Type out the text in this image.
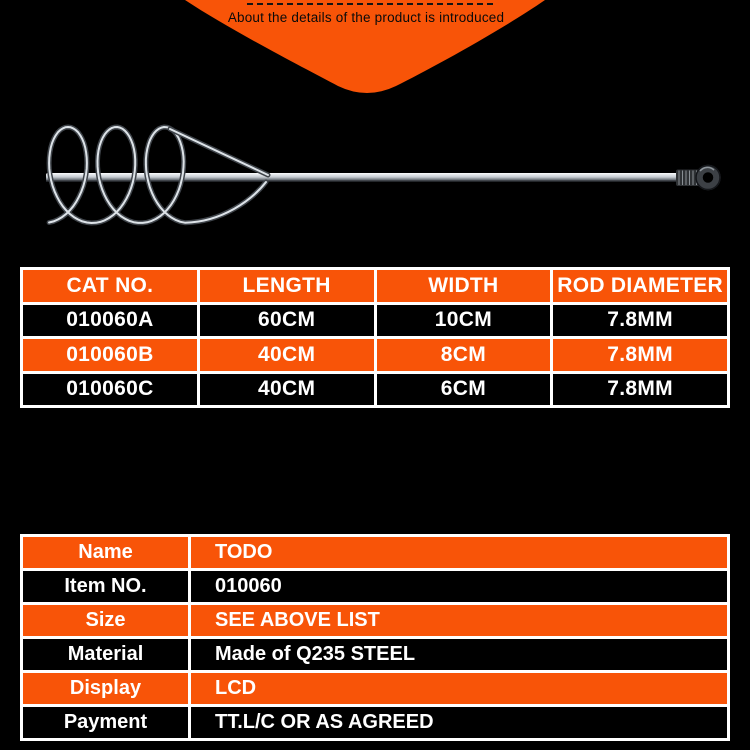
About the details of the product is introduced
CAT NO.	LENGTH	WIDTH	ROD DIAMETER
010060A	60CM	10CM	7.8MM
010060B	40CM	8CM	7.8MM
010060C	40CM	6CM	7.8MM
Name	TODO
Item NO.	010060
Size	SEE ABOVE LIST
Material	Made of Q235 STEEL
Display	LCD
Payment	TT.L/C OR AS AGREED
